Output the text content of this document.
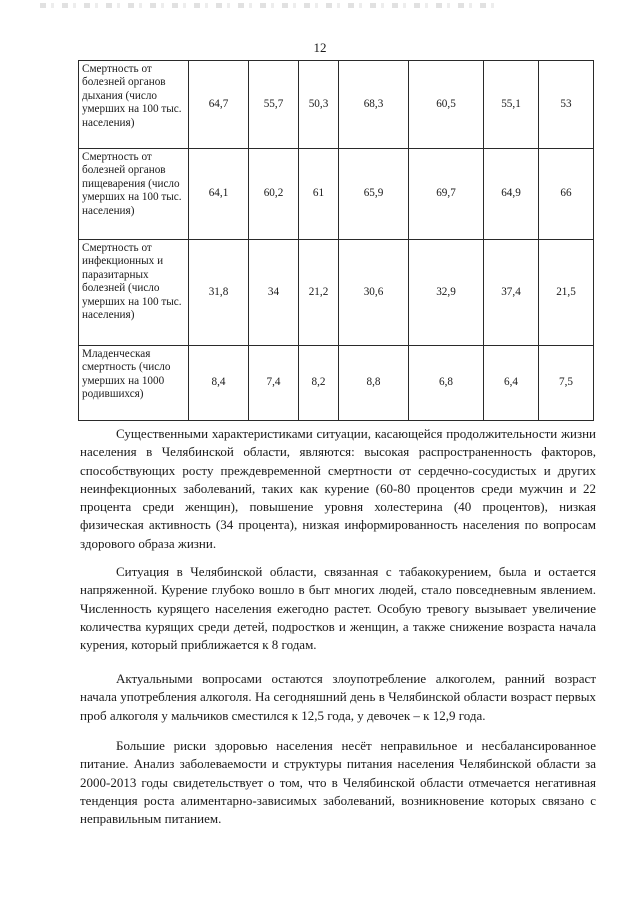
12
Смертность от болезней органов дыхания (число умерших на 100 тыс. населения)	64,7	55,7	50,3	68,3	60,5	55,1	53
Смертность от болезней органов пищеварения (число умерших на 100 тыс. населения)	64,1	60,2	61	65,9	69,7	64,9	66
Смертность от инфекционных и паразитарных болезней (число умерших на 100 тыс. населения)	31,8	34	21,2	30,6	32,9	37,4	21,5
Младенческая смертность (число умерших на 1000 родившихся)	8,4	7,4	8,2	8,8	6,8	6,4	7,5

Существенными характеристиками ситуации, касающейся продолжительности жизни населения в Челябинской области, являются: высокая распространенность факторов, способствующих росту преждевременной смертности от сердечно-сосудистых и других неинфекционных заболеваний, таких как курение (60-80 процентов среди мужчин и 22 процента среди женщин), повышение уровня холестерина (40 процентов), низкая физическая активность (34 процента), низкая информированность населения по вопросам здорового образа жизни.

Ситуация в Челябинской области, связанная с табакокурением, была и остается напряженной. Курение глубоко вошло в быт многих людей, стало повседневным явлением. Численность курящего населения ежегодно растет. Особую тревогу вызывает увеличение количества курящих среди детей, подростков и женщин, а также снижение возраста начала курения, который приближается к 8 годам.

Актуальными вопросами остаются злоупотребление алкоголем, ранний возраст начала употребления алкоголя. На сегодняшний день в Челябинской области возраст первых проб алкоголя у мальчиков сместился к 12,5 года, у девочек – к 12,9 года.

Большие риски здоровью населения несёт неправильное и несбалансированное питание. Анализ заболеваемости и структуры питания населения Челябинской области за 2000-2013 годы свидетельствует о том, что в Челябинской области отмечается негативная тенденция роста алиментарно-зависимых заболеваний, возникновение которых связано с неправильным питанием.
